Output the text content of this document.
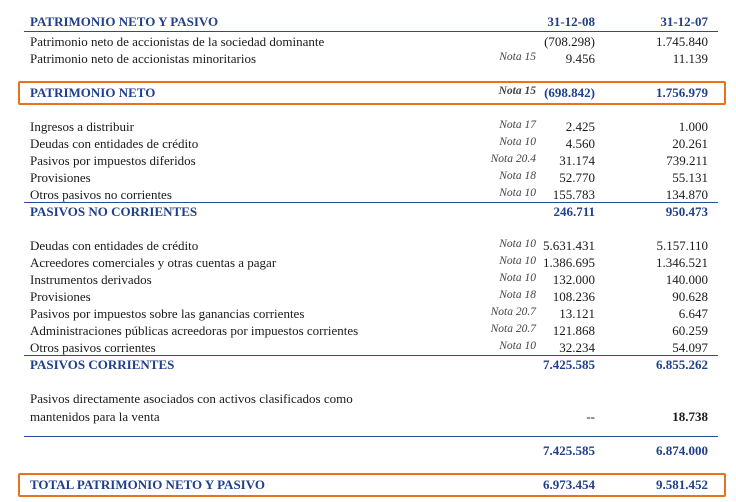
PATRIMONIO NETO Y PASIVO	31-12-08	31-12-07
Patrimonio neto de accionistas de la sociedad dominante	(708.298)	1.745.840
Patrimonio neto de accionistas minoritarios	Nota 15 9.456	11.139
PATRIMONIO NETO	Nota 15 (698.842)	1.756.979
Ingresos a distribuir	Nota 17 2.425	1.000
Deudas con entidades de crédito	Nota 10 4.560	20.261
Pasivos por impuestos diferidos	Nota 20.4 31.174	739.211
Provisiones	Nota 18 52.770	55.131
Otros pasivos no corrientes	Nota 10 155.783	134.870
PASIVOS NO CORRIENTES	246.711	950.473
Deudas con entidades de crédito	Nota 10 5.631.431	5.157.110
Acreedores comerciales y otras cuentas a pagar	Nota 10 1.386.695	1.346.521
Instrumentos derivados	Nota 10 132.000	140.000
Provisiones	Nota 18 108.236	90.628
Pasivos por impuestos sobre las ganancias corrientes	Nota 20.7 13.121	6.647
Administraciones públicas acreedoras por impuestos corrientes	Nota 20.7 121.868	60.259
Otros pasivos corrientes	Nota 10 32.234	54.097
PASIVOS CORRIENTES	7.425.585	6.855.262
Pasivos directamente asociados con activos clasificados como
mantenidos para la venta	--	18.738
7.425.585	6.874.000
TOTAL PATRIMONIO NETO Y PASIVO	6.973.454	9.581.452
